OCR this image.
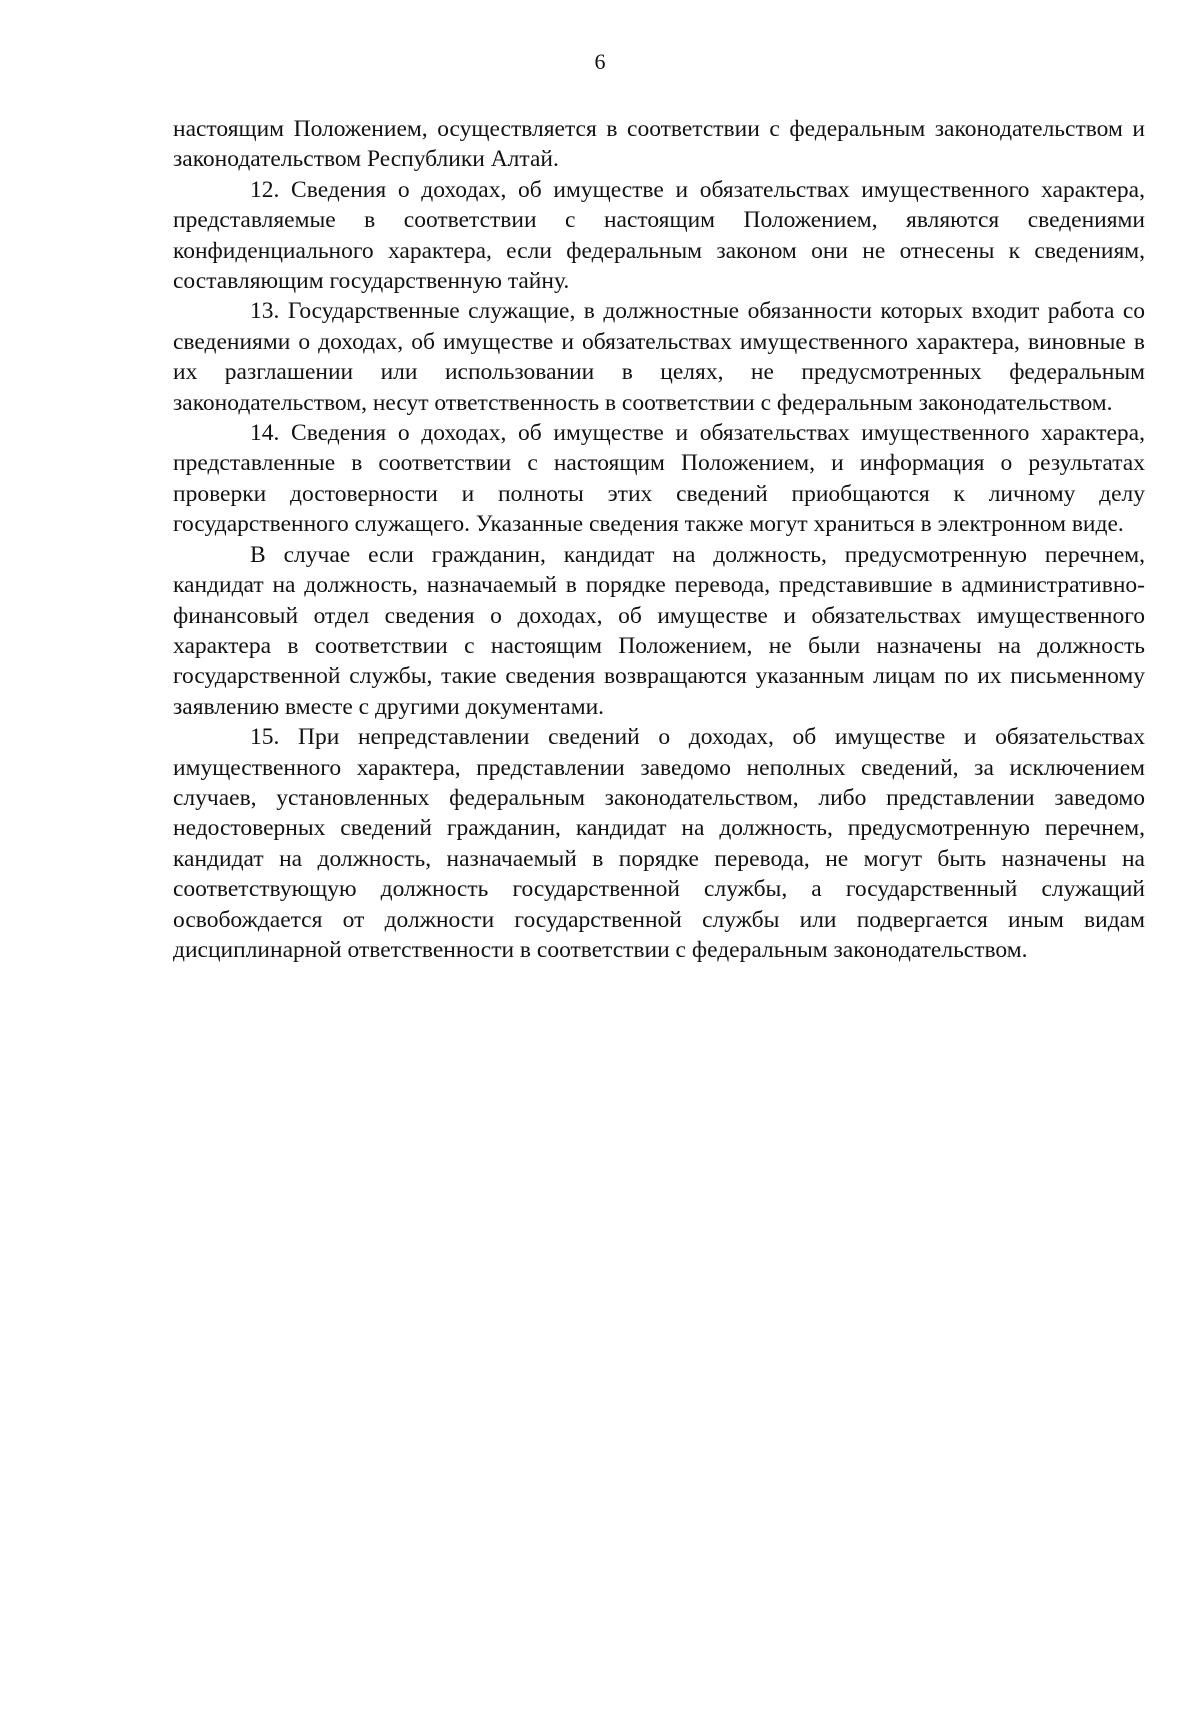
6

настоящим Положением, осуществляется в соответствии с федеральным законодательством и законодательством Республики Алтай.

12. Сведения о доходах, об имуществе и обязательствах имущественного характера, представляемые в соответствии с настоящим Положением, являются сведениями конфиденциального характера, если федеральным законом они не отнесены к сведениям, составляющим государственную тайну.

13. Государственные служащие, в должностные обязанности которых входит работа со сведениями о доходах, об имуществе и обязательствах имущественного характера, виновные в их разглашении или использовании в целях, не предусмотренных федеральным законодательством, несут ответственность в соответствии с федеральным законодательством.

14. Сведения о доходах, об имуществе и обязательствах имущественного характера, представленные в соответствии с настоящим Положением, и информация о результатах проверки достоверности и полноты этих сведений приобщаются к личному делу государственного служащего. Указанные сведения также могут храниться в электронном виде.

В случае если гражданин, кандидат на должность, предусмотренную перечнем, кандидат на должность, назначаемый в порядке перевода, представившие в административно-финансовый отдел сведения о доходах, об имуществе и обязательствах имущественного характера в соответствии с настоящим Положением, не были назначены на должность государственной службы, такие сведения возвращаются указанным лицам по их письменному заявлению вместе с другими документами.

15. При непредставлении сведений о доходах, об имуществе и обязательствах имущественного характера, представлении заведомо неполных сведений, за исключением случаев, установленных федеральным законодательством, либо представлении заведомо недостоверных сведений гражданин, кандидат на должность, предусмотренную перечнем, кандидат на должность, назначаемый в порядке перевода, не могут быть назначены на соответствующую должность государственной службы, а государственный служащий освобождается от должности государственной службы или подвергается иным видам дисциплинарной ответственности в соответствии с федеральным законодательством.
